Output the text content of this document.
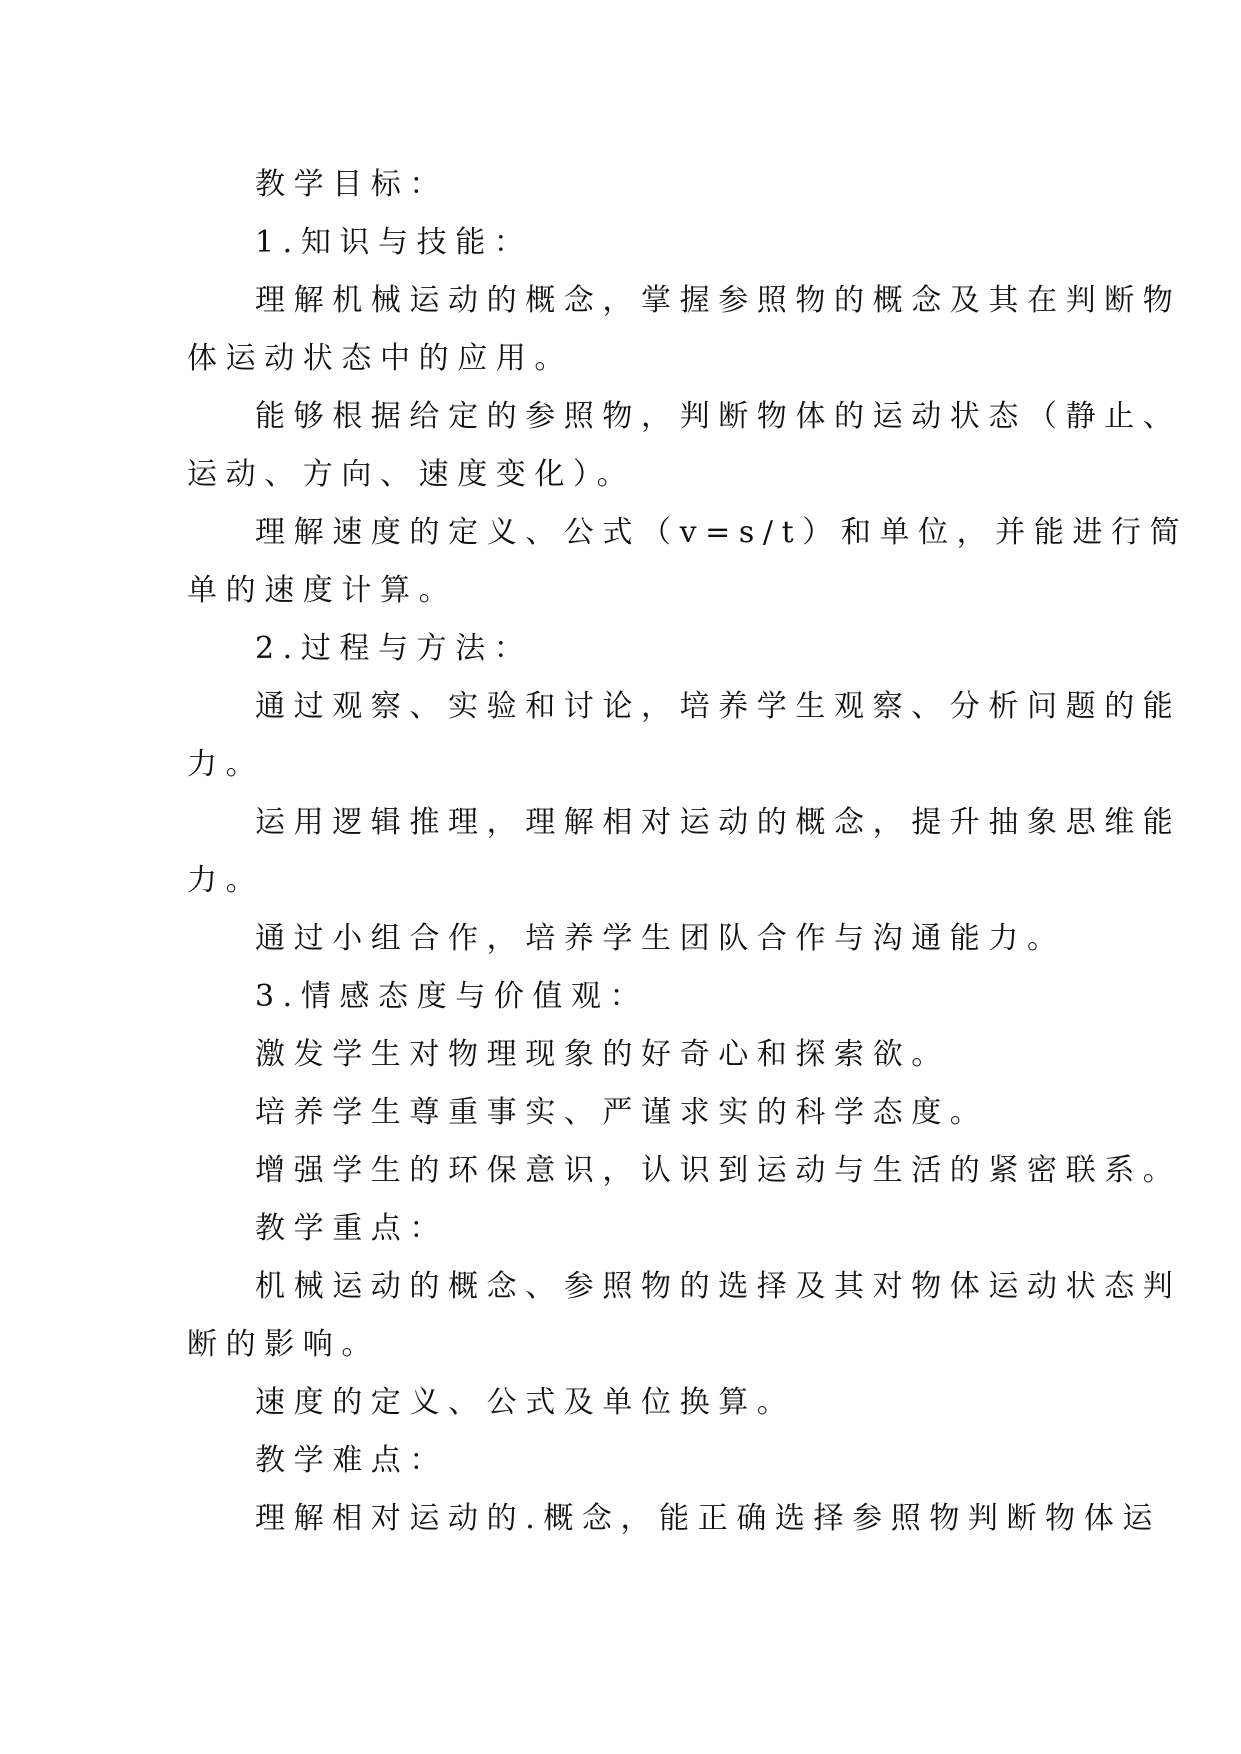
教学目标：

1.知识与技能：

理解机械运动的概念，掌握参照物的概念及其在判断物

体运动状态中的应用。

能够根据给定的参照物，判断物体的运动状态（静止、

运动、方向、速度变化）。

理解速度的定义、公式（v=s/t）和单位，并能进行简

单的速度计算。

2.过程与方法：

通过观察、实验和讨论，培养学生观察、分析问题的能

力。

运用逻辑推理，理解相对运动的概念，提升抽象思维能

力。

通过小组合作，培养学生团队合作与沟通能力。

3.情感态度与价值观：

激发学生对物理现象的好奇心和探索欲。

培养学生尊重事实、严谨求实的科学态度。

增强学生的环保意识，认识到运动与生活的紧密联系。

教学重点：

机械运动的概念、参照物的选择及其对物体运动状态判

断的影响。

速度的定义、公式及单位换算。

教学难点：

理解相对运动的.概念，能正确选择参照物判断物体运
